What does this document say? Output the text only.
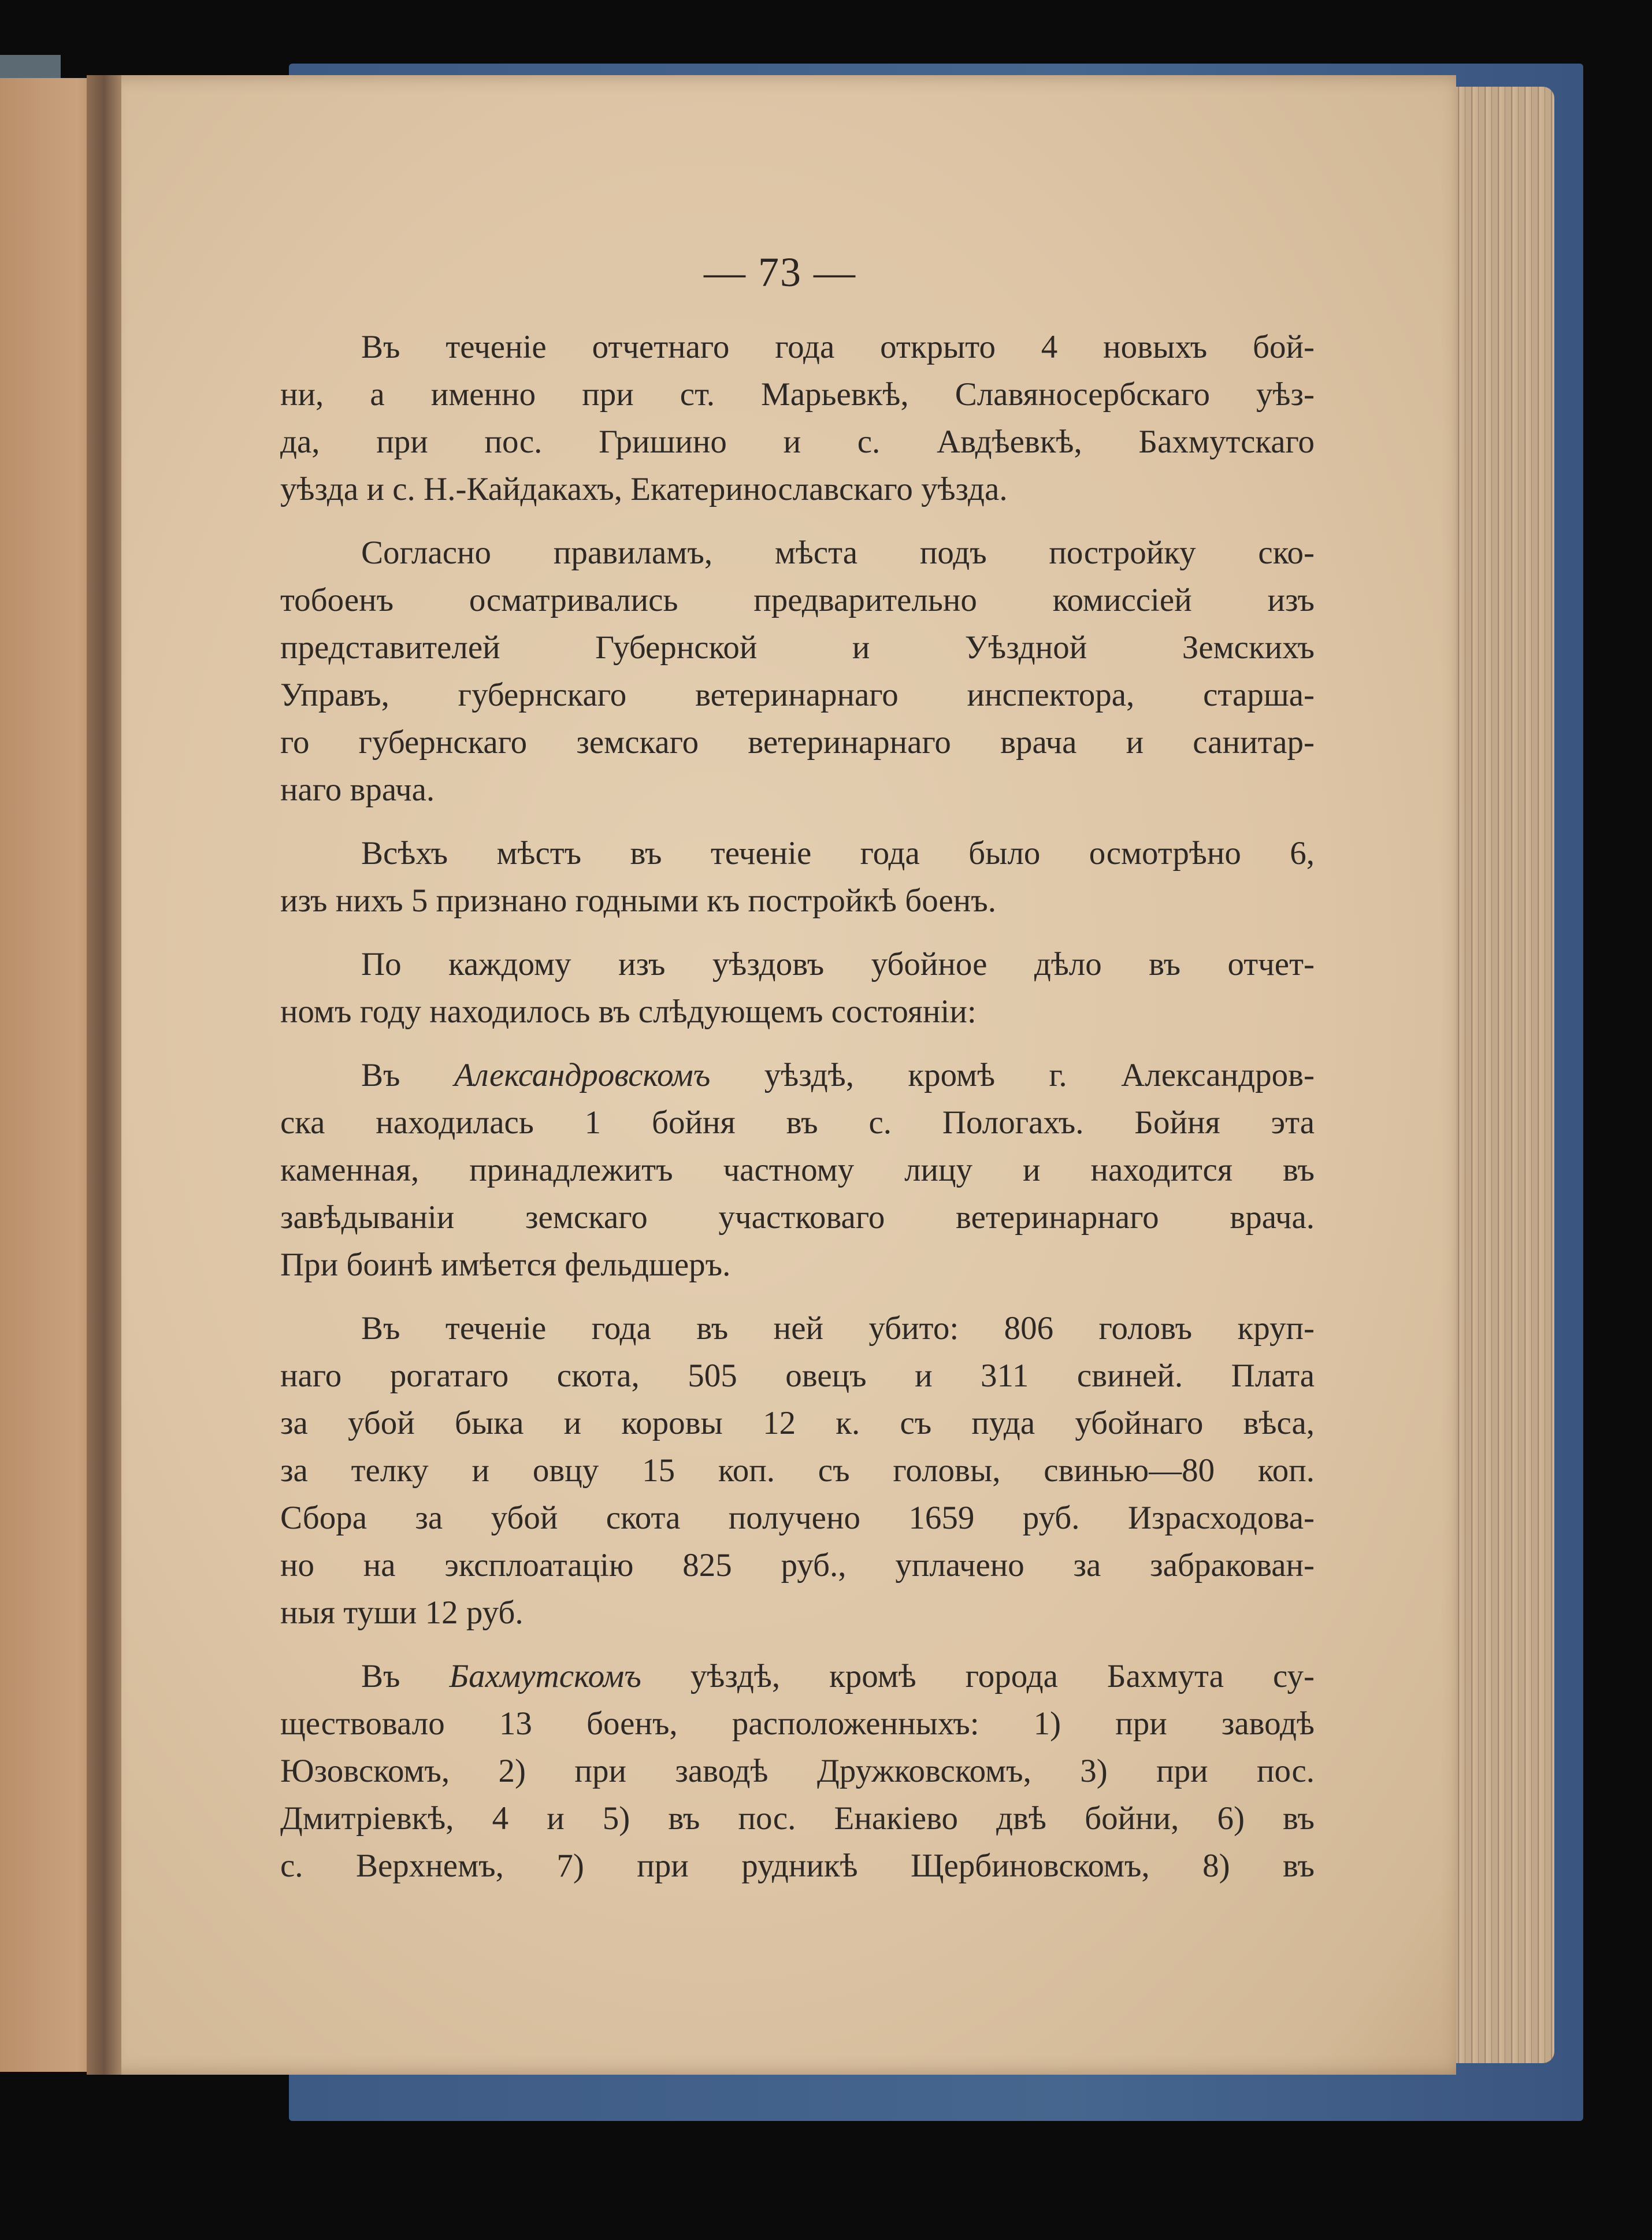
— 73 —
Въ теченіе отчетнаго года открыто 4 новыхъ бой-
ни, а именно при ст. Марьевкѣ, Славяносербскаго уѣз-
да, при пос. Гришино и с. Авдѣевкѣ, Бахмутскаго
уѣзда и с. Н.-Кайдакахъ, Екатеринославскаго уѣзда.
Согласно правиламъ, мѣста подъ постройку ско-
тобоенъ осматривались предварительно комиссіей изъ
представителей Губернской и Уѣздной Земскихъ
Управъ, губернскаго ветеринарнаго инспектора, старша-
го губернскаго земскаго ветеринарнаго врача и санитар-
наго врача.
Всѣхъ мѣстъ въ теченіе года было осмотрѣно 6,
изъ нихъ 5 признано годными къ постройкѣ боенъ.
По каждому изъ уѣздовъ убойное дѣло въ отчет-
номъ году находилось въ слѣдующемъ состояніи:
Въ Александровскомъ уѣздѣ, кромѣ г. Александров-
ска находилась 1 бойня въ с. Пологахъ. Бойня эта
каменная, принадлежитъ частному лицу и находится въ
завѣдываніи земскаго участковаго ветеринарнаго врача.
При боинѣ имѣется фельдшеръ.
Въ теченіе года въ ней убито: 806 головъ круп-
наго рогатаго скота, 505 овецъ и 311 свиней. Плата
за убой быка и коровы 12 к. съ пуда убойнаго вѣса,
за телку и овцу 15 коп. съ головы, свинью—80 коп.
Сбора за убой скота получено 1659 руб. Израсходова-
но на эксплоатацію 825 руб., уплачено за забракован-
ныя туши 12 руб.
Въ Бахмутскомъ уѣздѣ, кромѣ города Бахмута су-
ществовало 13 боенъ, расположенныхъ: 1) при заводѣ
Юзовскомъ, 2) при заводѣ Дружковскомъ, 3) при пос.
Дмитріевкѣ, 4 и 5) въ пос. Енакіево двѣ бойни, 6) въ
с. Верхнемъ, 7) при рудникѣ Щербиновскомъ, 8) въ
